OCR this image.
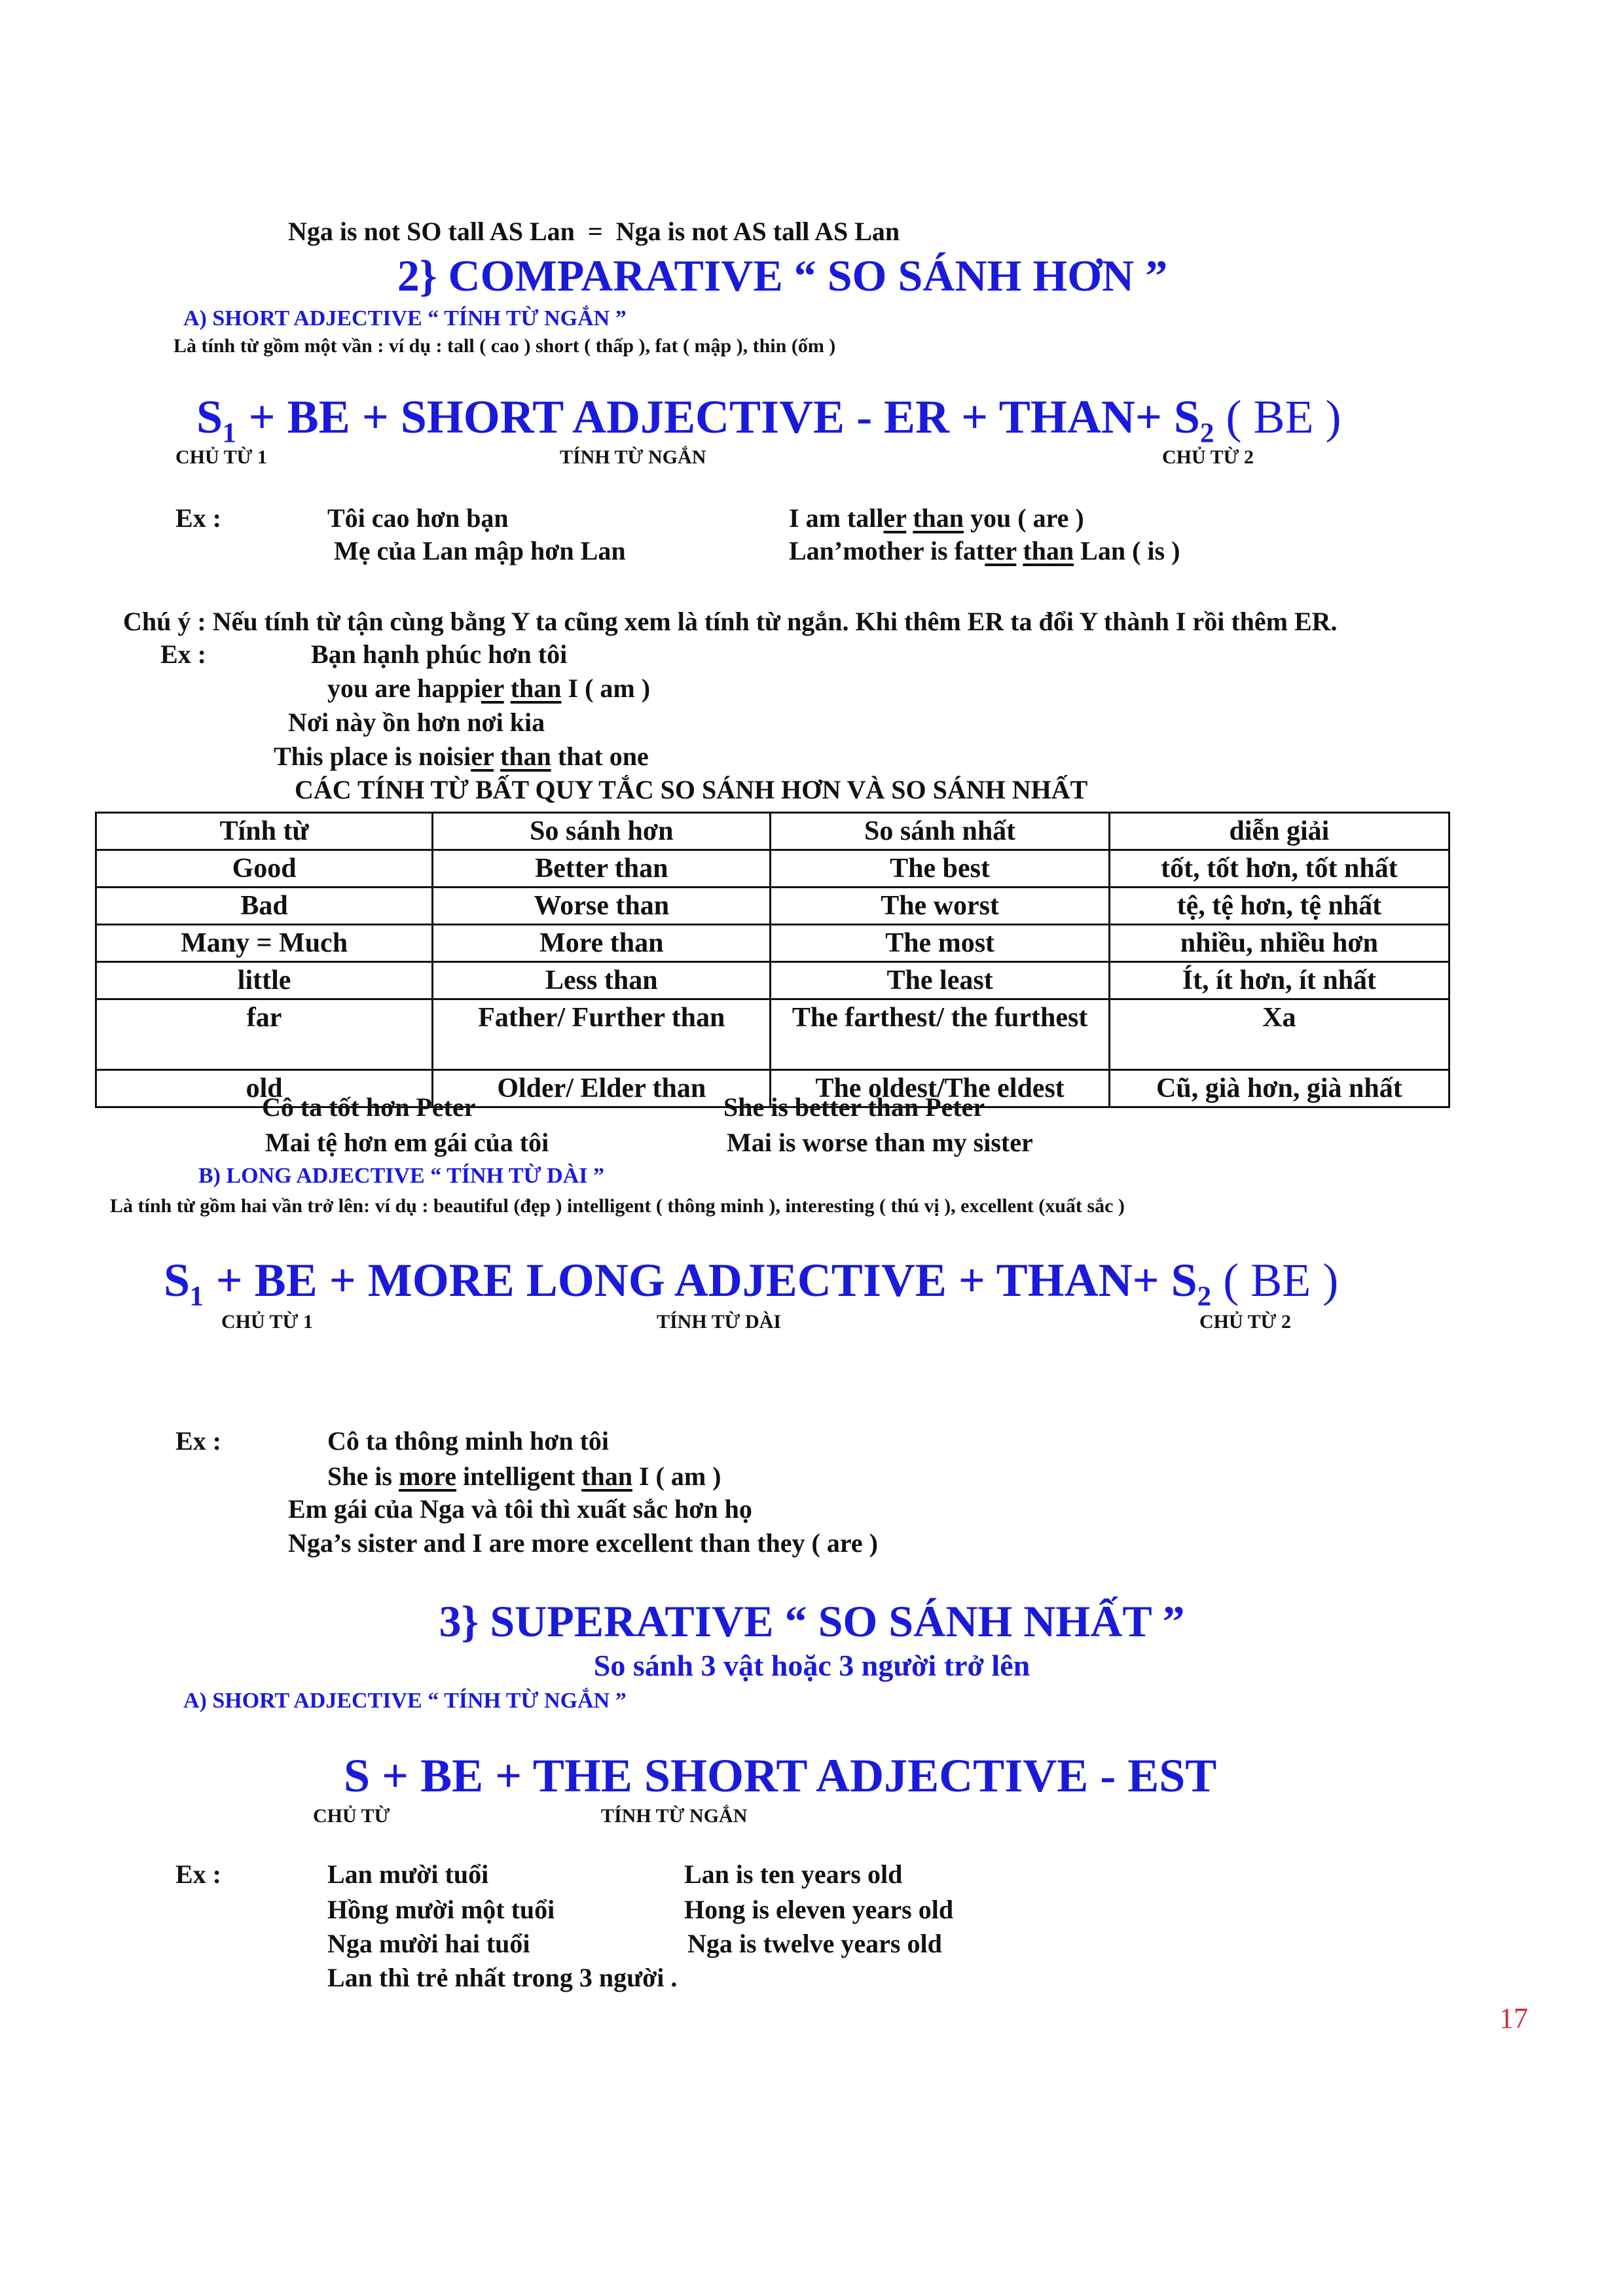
Nga is not SO tall AS Lan = Nga is not AS tall AS Lan
2} COMPARATIVE “ SO SÁNH HƠN ”
A) SHORT ADJECTIVE “ TÍNH TỪ NGẮN ”
Là tính từ gồm một vần : ví dụ : tall ( cao ) short ( thấp ), fat ( mập ), thin (ốm )
S₁ + BE + SHORT ADJECTIVE - ER + THAN+ S₂ ( BE )
CHỦ TỪ 1	TÍNH TỪ NGẮN	CHỦ TỪ 2
Ex :	Tôi cao hơn bạn	I am taller than you ( are )
Mẹ của Lan mập hơn Lan	Lan’mother is fatter than Lan ( is )
Chú ý : Nếu tính từ tận cùng bằng Y ta cũng xem là tính từ ngắn. Khi thêm ER ta đổi Y thành I rồi thêm ER.
Ex :	Bạn hạnh phúc hơn tôi
you are happier than I ( am )
Nơi này ồn hơn nơi kia
This place is noisier than that one
CÁC TÍNH TỪ BẤT QUY TẮC SO SÁNH HƠN VÀ SO SÁNH NHẤT
Tính từ	So sánh hơn	So sánh nhất	diễn giải
Good	Better than	The best	tốt, tốt hơn, tốt nhất
Bad	Worse than	The worst	tệ, tệ hơn, tệ nhất
Many = Much	More than	The most	nhiều, nhiều hơn
little	Less than	The least	Ít, ít hơn, ít nhất
far	Father/ Further than	The farthest/ the furthest	Xa
old	Older/ Elder than	The oldest/The eldest	Cũ, già hơn, già nhất
Cô ta tốt hơn Peter	She is better than Peter
Mai tệ hơn em gái của tôi	Mai is worse than my sister
B) LONG ADJECTIVE “ TÍNH TỪ DÀI ”
Là tính từ gồm hai vần trở lên: ví dụ : beautiful (đẹp ) intelligent ( thông minh ), interesting ( thú vị ), excellent (xuất sắc )
S₁ + BE + MORE LONG ADJECTIVE + THAN+ S₂ ( BE )
CHỦ TỪ 1	TÍNH TỪ DÀI	CHỦ TỪ 2
Ex :	Cô ta thông minh hơn tôi
She is more intelligent than I ( am )
Em gái của Nga và tôi thì xuất sắc hơn họ
Nga’s sister and I are more excellent than they ( are )
3} SUPERATIVE “ SO SÁNH NHẤT ”
So sánh 3 vật hoặc 3 người trở lên
A) SHORT ADJECTIVE “ TÍNH TỪ NGẮN ”
S + BE + THE SHORT ADJECTIVE - EST
CHỦ TỪ	TÍNH TỪ NGẮN
Ex :	Lan mười tuổi	Lan is ten years old
Hồng mười một tuổi	Hong is eleven years old
Nga mười hai tuổi	Nga is twelve years old
Lan thì trẻ nhất trong 3 người .
17
